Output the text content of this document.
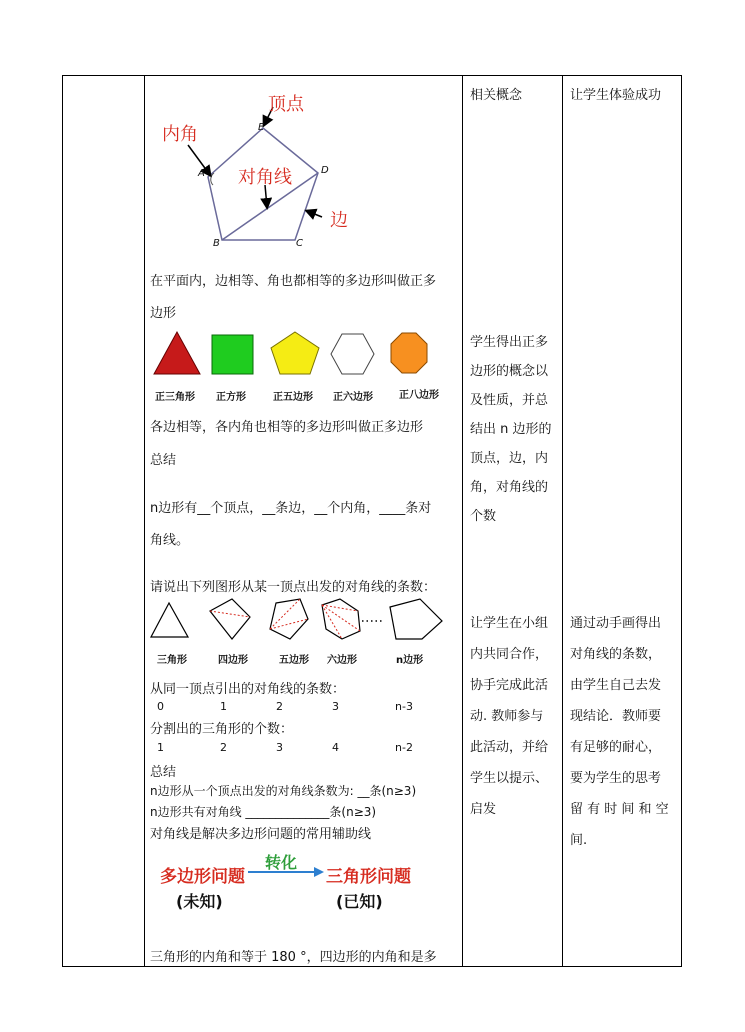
顶点
内角
对角线
边
E
A	D
B	C
在平面内，边相等、角也都相等的多边形叫做正多
边形
正三角形 正方形	正五边形 正六边形	正八边形
各边相等，各内角也相等的多边形叫做正多边形
总结
n边形有__个顶点，__条边，__个内角，____条对
角线。
请说出下列图形从某一顶点出发的对角线的条数：
三角形	四边形	五边形 六边形	n边形
从同一顶点引出的对角线的条数：
0	1	2	3	n-3
分割出的三角形的个数：
1	2	3	4	n-2
总结
n边形从一个顶点出发的对角线条数为: __条(n≥3)
n边形共有对角线 ______________条(n≥3)
对角线是解决多边形问题的常用辅助线
多边形问题
(未知)
转化
三角形问题
(已知)
三角形的内角和等于 180 °，四边形的内角和是多
相关概念
学生得出正多
边形的概念以
及性质，并总
结出 n 边形的
顶点，边，内
角，对角线的
个数
让学生在小组
内共同合作，
协手完成此活
动. 教师参与
此活动，并给
学生以提示、
启发
让学生体验成功
通过动手画得出
对角线的条数，
由学生自己去发
现结论．教师要
有足够的耐心，
要为学生的思考
留 有 时 间 和 空
间.
